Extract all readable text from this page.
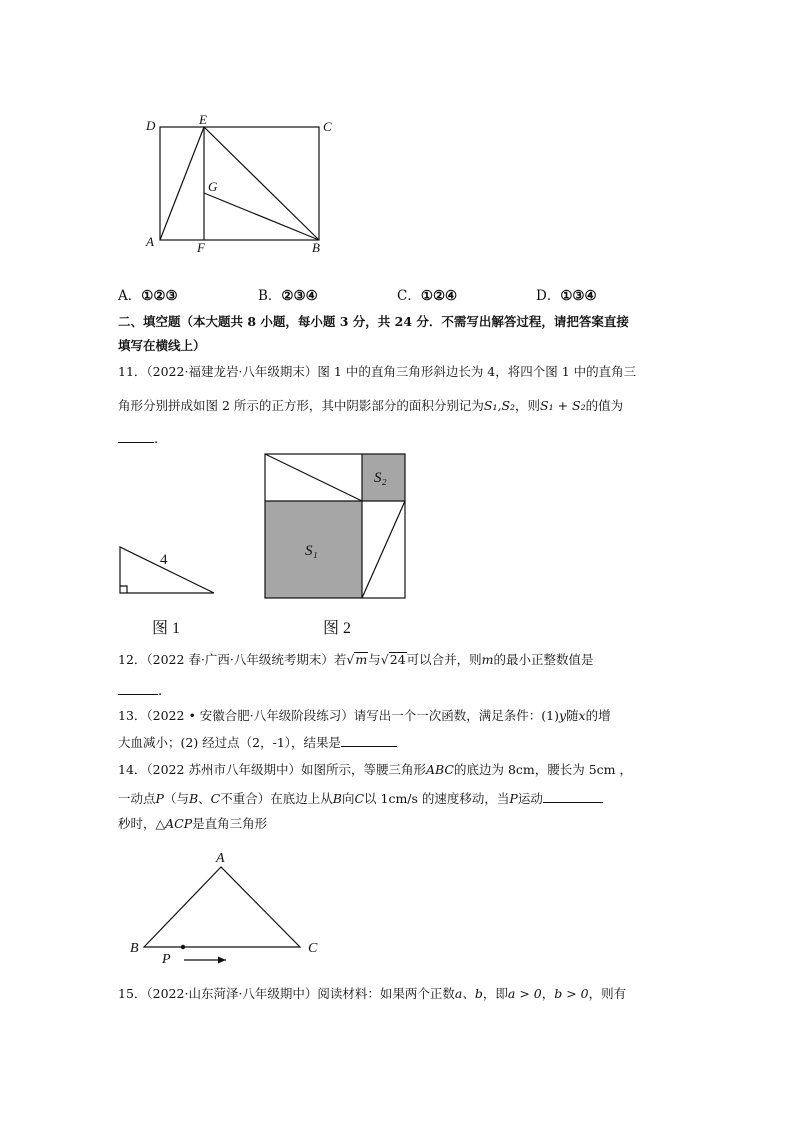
D	E	C
G
A	F	B
A．①②③	B．②③④	C．①②④	D．①③④
二、填空题（本大题共 8 小题，每小题 3 分，共 24 分．不需写出解答过程，请把答案直接
填写在横线上）
11．（2022·福建龙岩·八年级期末）图 1 中的直角三角形斜边长为 4，将四个图 1 中的直角三
角形分别拼成如图 2 所示的正方形，其中阴影部分的面积分别记为S₁,S₂，则S₁ + S₂的值为
．
4
图 1
S₂
S₁
图 2
12．（2022 春·广西·八年级统考期末）若√m与√24可以合并，则m的最小正整数值是
．
13．（2022 • 安徽合肥·八年级阶段练习）请写出一个一次函数，满足条件：(1)y随x的增
大血减小；(2) 经过点（2，-1），结果是
14．（2022 苏州市八年级期中）如图所示，等腰三角形ABC的底边为 8cm，腰长为 5cm ，
一动点P（与B、C不重合）在底边上从B向C以 1cm/s 的速度移动，当P运动
秒时，△ACP是直角三角形
A
B	C
P
15．（2022·山东菏泽·八年级期中）阅读材料：如果两个正数a、b，即a > 0，b > 0，则有
